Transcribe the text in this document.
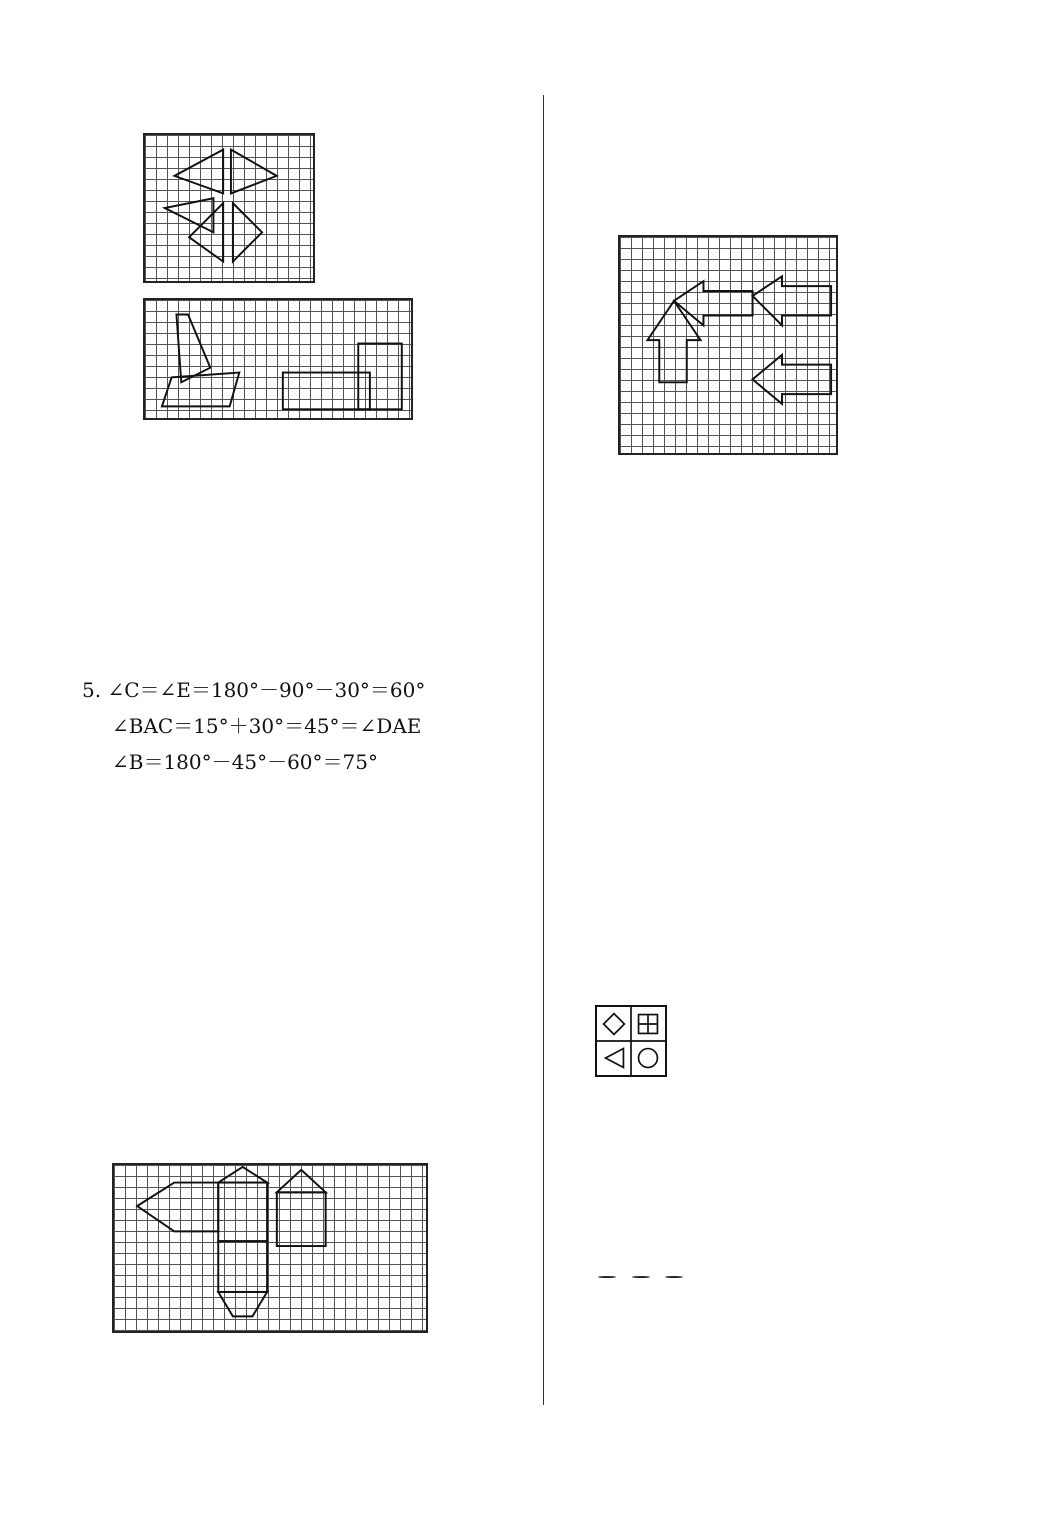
5. ∠C＝∠E＝180°－90°－30°＝60°
∠BAC＝15°＋30°＝45°＝∠DAE
∠B＝180°－45°－60°＝75°
